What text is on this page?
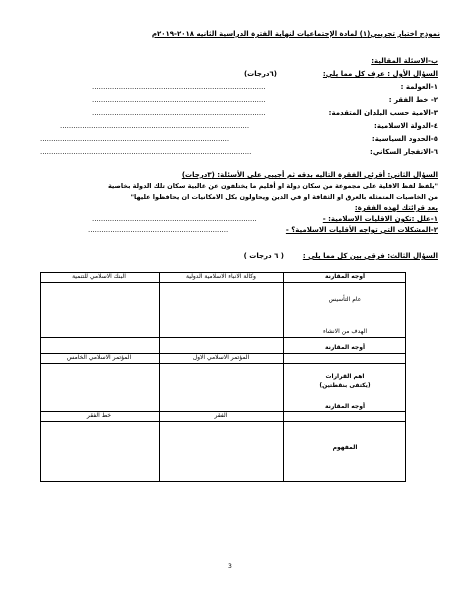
نموذج اختبار تجريبي(١) لمادة الإجتماعيات لنهاية الفترة الدراسية الثانيه ٢٠١٨-٢٠١٩م
ب-الاسئلة المقالية:
السؤال الأول : عرف كل مما يلي:
(٦درجات)
١-العولمة :
..............................................................................
٢- خط الفقر :
..............................................................................
٣-الامية حسب البلدان المتقدمة:
..............................................................................
٤-الدولة الاسلامية:
.....................................................................................
٥-الحدود السياسية:
.....................................................................................
٦-الانفجار السكاني:
...............................................................................................
السؤال الثاني: أقرئي الفقرة التاليه بدقه ثم أجيبي على الأسئلة: (٣درجات)
"يلفظ لفظ الاقلية على مجموعة من سكان دولة او أقليم ما يختلفون عن غالبية سكان تلك الدولة بخاصية
من الخاصيات المتمثله بالعرق او الثقافة او في الدين ويحاولون بكل الامكانيات ان يحافظوا عليها"
بعد قرائتك لهذه الفقرة:
١-علل :تكون الاقليات الاسلامية: -
..........................................................................
٢-المشكلات التي تواجه الأقليات الاسلامية؟ -
...............................................................
السؤال الثالث: فرقي بين كل مما يلي :
( ٦ درجات )
أوجه المقارنة
وكالة الانباء الاسلامية الدولية
البنك الاسلامي للتنمية
عام التأسيس
الهدف من الانشاء
أوجه المقارنة
المؤتمر الاسلامي الاول
المؤتمر الاسلامي الخامس
اهم القرارات
(يكتفى بنقطتين)
أوجه المقارنة
الفقر
خط الفقر
المفهوم
3
